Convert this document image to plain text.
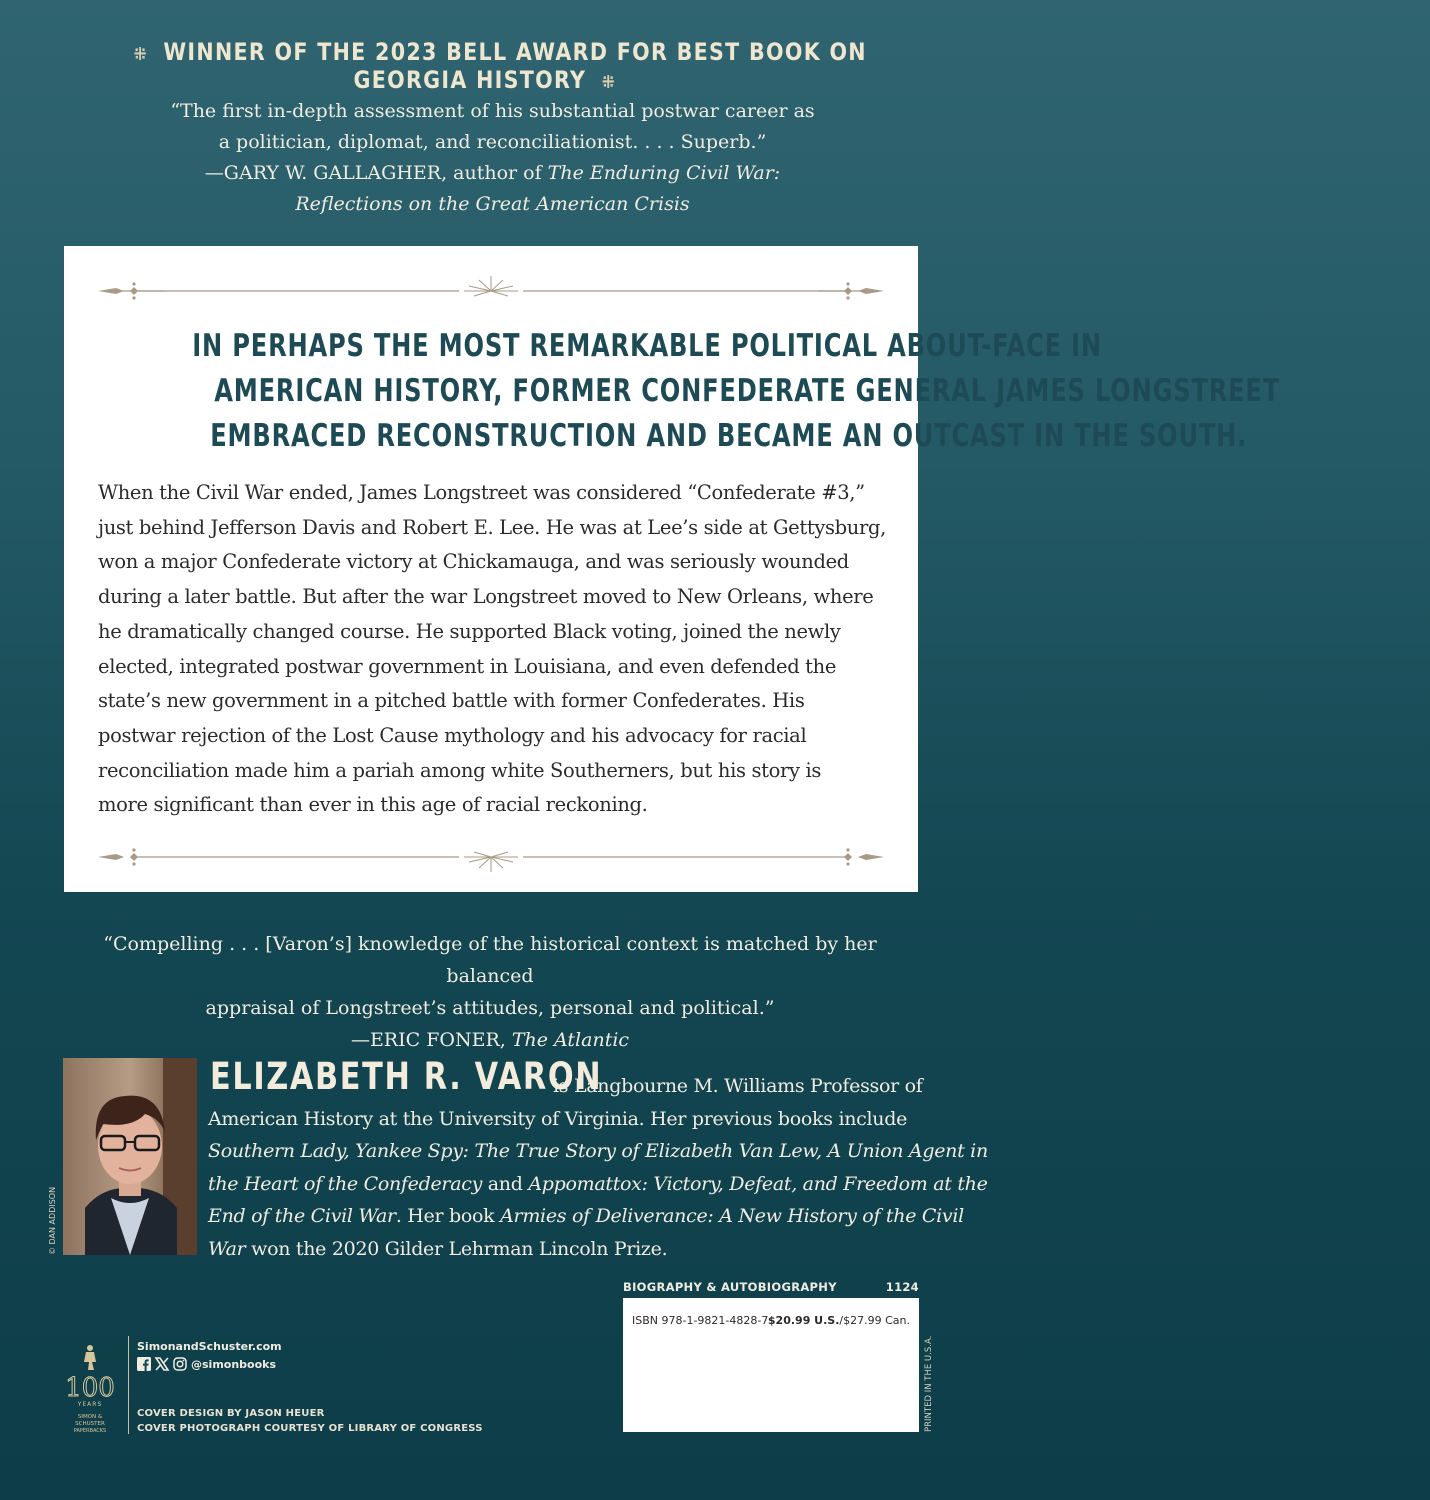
⁜ WINNER OF THE 2023 BELL AWARD FOR BEST BOOK ON GEORGIA HISTORY ⁜
“The first in-depth assessment of his substantial postwar career as
a politician, diplomat, and reconciliationist. . . . Superb.”
—GARY W. GALLAGHER, author of The Enduring Civil War:
Reflections on the Great American Crisis
IN PERHAPS THE MOST REMARKABLE POLITICAL ABOUT-FACE IN
AMERICAN HISTORY, FORMER CONFEDERATE GENERAL JAMES LONGSTREET
EMBRACED RECONSTRUCTION AND BECAME AN OUTCAST IN THE SOUTH.
When the Civil War ended, James Longstreet was considered “Confederate #3,”
just behind Jefferson Davis and Robert E. Lee. He was at Lee’s side at Gettysburg,
won a major Confederate victory at Chickamauga, and was seriously wounded
during a later battle. But after the war Longstreet moved to New Orleans, where
he dramatically changed course. He supported Black voting, joined the newly
elected, integrated postwar government in Louisiana, and even defended the
state’s new government in a pitched battle with former Confederates. His
postwar rejection of the Lost Cause mythology and his advocacy for racial
reconciliation made him a pariah among white Southerners, but his story is
more significant than ever in this age of racial reckoning.
“Compelling . . . [Varon’s] knowledge of the historical context is matched by her balanced
appraisal of Longstreet’s attitudes, personal and political.”
—ERIC FONER, The Atlantic
© DAN ADDISON
ELIZABETH R. VARON
is Langbourne M. Williams Professor of
American History at the University of Virginia. Her previous books include
Southern Lady, Yankee Spy: The True Story of Elizabeth Van Lew, A Union Agent in
the Heart of the Confederacy and Appomattox: Victory, Defeat, and Freedom at the
End of the Civil War. Her book Armies of Deliverance: A New History of the Civil
War won the 2020 Gilder Lehrman Lincoln Prize.
BIOGRAPHY & AUTOBIOGRAPHY	1124
ISBN 978-1-9821-4828-7 $20.99 U.S./$27.99 Can.
PRINTED IN THE U.S.A.
100
YEARS
SIMON &
SCHUSTER
PAPERBACKS
SimonandSchuster.com
@simonbooks
COVER DESIGN BY JASON HEUER
COVER PHOTOGRAPH COURTESY OF LIBRARY OF CONGRESS
